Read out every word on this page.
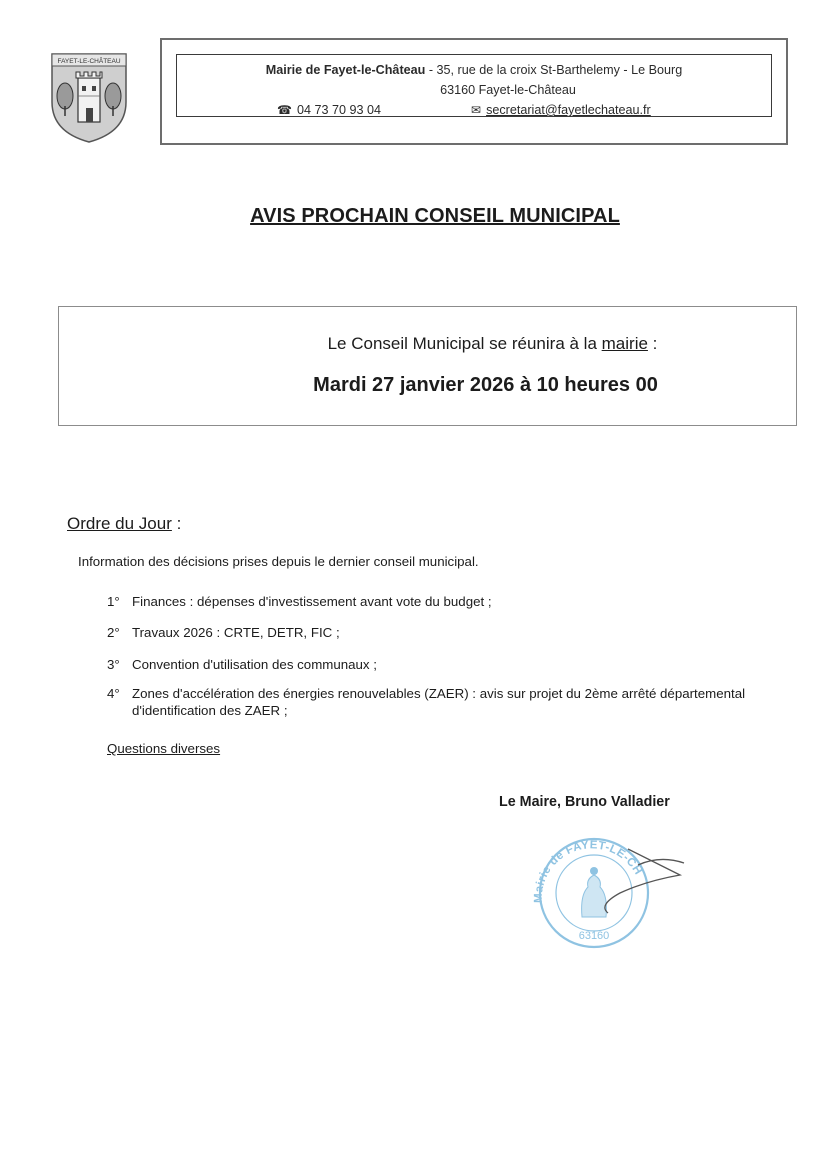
FAYET-LE-CHÂTEAU
Mairie de Fayet-le-Château - 35, rue de la croix St-Barthelemy - Le Bourg
63160 Fayet-le-Château
☎ 04 73 70 93 04	✉ secretariat@fayetlechateau.fr
AVIS PROCHAIN CONSEIL MUNICIPAL
Le Conseil Municipal se réunira à la mairie :
Mardi 27 janvier 2026 à 10 heures 00
Ordre du Jour :
Information des décisions prises depuis le dernier conseil municipal.
1° Finances : dépenses d'investissement avant vote du budget ;
2° Travaux 2026 : CRTE, DETR, FIC ;
3° Convention d'utilisation des communaux ;
4° Zones d'accélération des énergies renouvelables (ZAER) : avis sur projet du 2ème arrêté départemental d'identification des ZAER ;
Questions diverses
Le Maire, Bruno Valladier
Mairie de FAYET-LE-CH
63160
